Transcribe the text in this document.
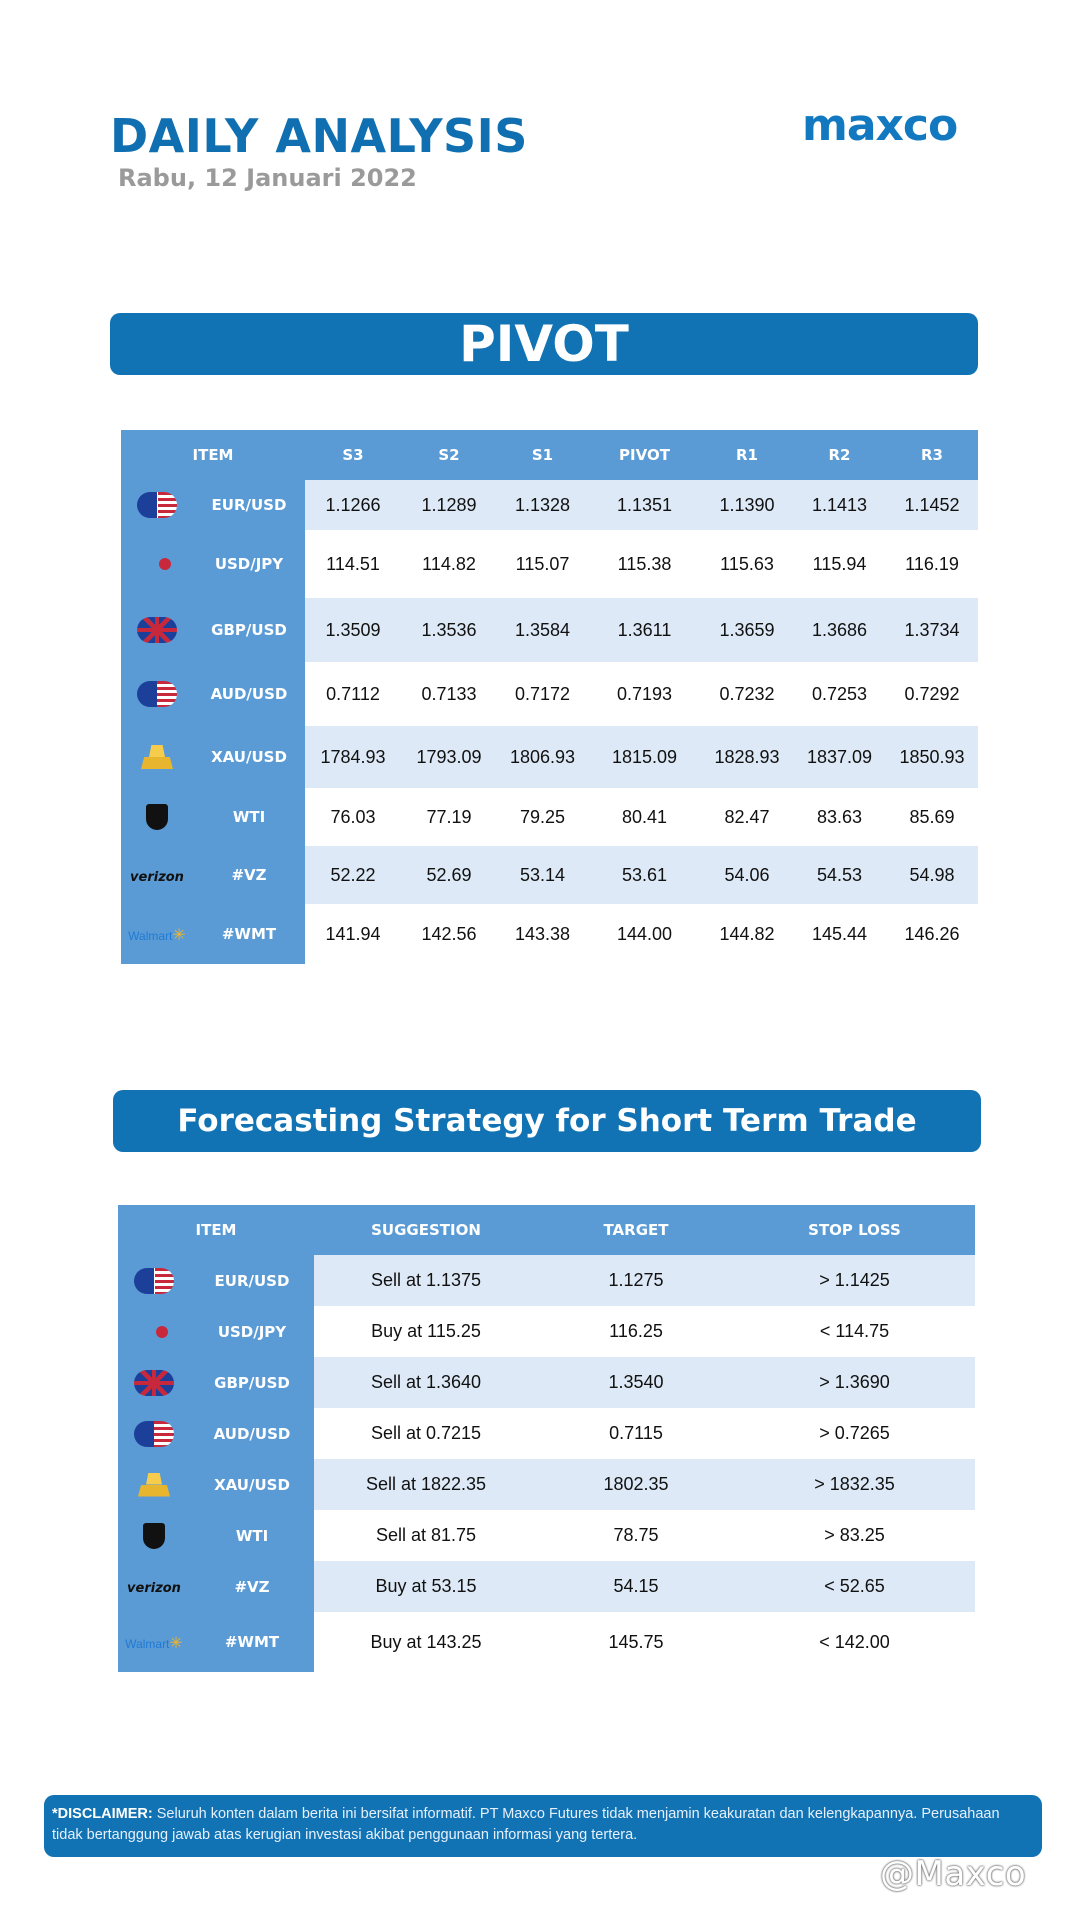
DAILY ANALYSIS

Rabu, 12 Januari 2022

maxco
PIVOT
ITEM		S3	S2	S1	PIVOT	R1	R2	R3
	EUR/USD	1.1266	1.1289	1.1328	1.1351	1.1390	1.1413	1.1452
	USD/JPY	114.51	114.82	115.07	115.38	115.63	115.94	116.19
	GBP/USD	1.3509	1.3536	1.3584	1.3611	1.3659	1.3686	1.3734
	AUD/USD	0.7112	0.7133	0.7172	0.7193	0.7232	0.7253	0.7292
	XAU/USD	1784.93	1793.09	1806.93	1815.09	1828.93	1837.09	1850.93
	WTI	76.03	77.19	79.25	80.41	82.47	83.63	85.69
verizon	#VZ	52.22	52.69	53.14	53.61	54.06	54.53	54.98
Walmart✳	#WMT	141.94	142.56	143.38	144.00	144.82	145.44	146.26
Forecasting Strategy for Short Term Trade
ITEM		SUGGESTION	TARGET	STOP LOSS
	EUR/USD	Sell at 1.1375	1.1275	> 1.1425
	USD/JPY	Buy at 115.25	116.25	< 114.75
	GBP/USD	Sell at 1.3640	1.3540	> 1.3690
	AUD/USD	Sell at 0.7215	0.7115	> 0.7265
	XAU/USD	Sell at 1822.35	1802.35	> 1832.35
	WTI	Sell at 81.75	78.75	> 83.25
verizon	#VZ	Buy at 53.15	54.15	< 52.65
Walmart✳	#WMT	Buy at 143.25	145.75	< 142.00
*DISCLAIMER: Seluruh konten dalam berita ini bersifat informatif. PT Maxco Futures tidak menjamin keakuratan dan kelengkapannya. Perusahaan tidak bertanggung jawab atas kerugian investasi akibat penggunaan informasi yang tertera.
@Maxco
